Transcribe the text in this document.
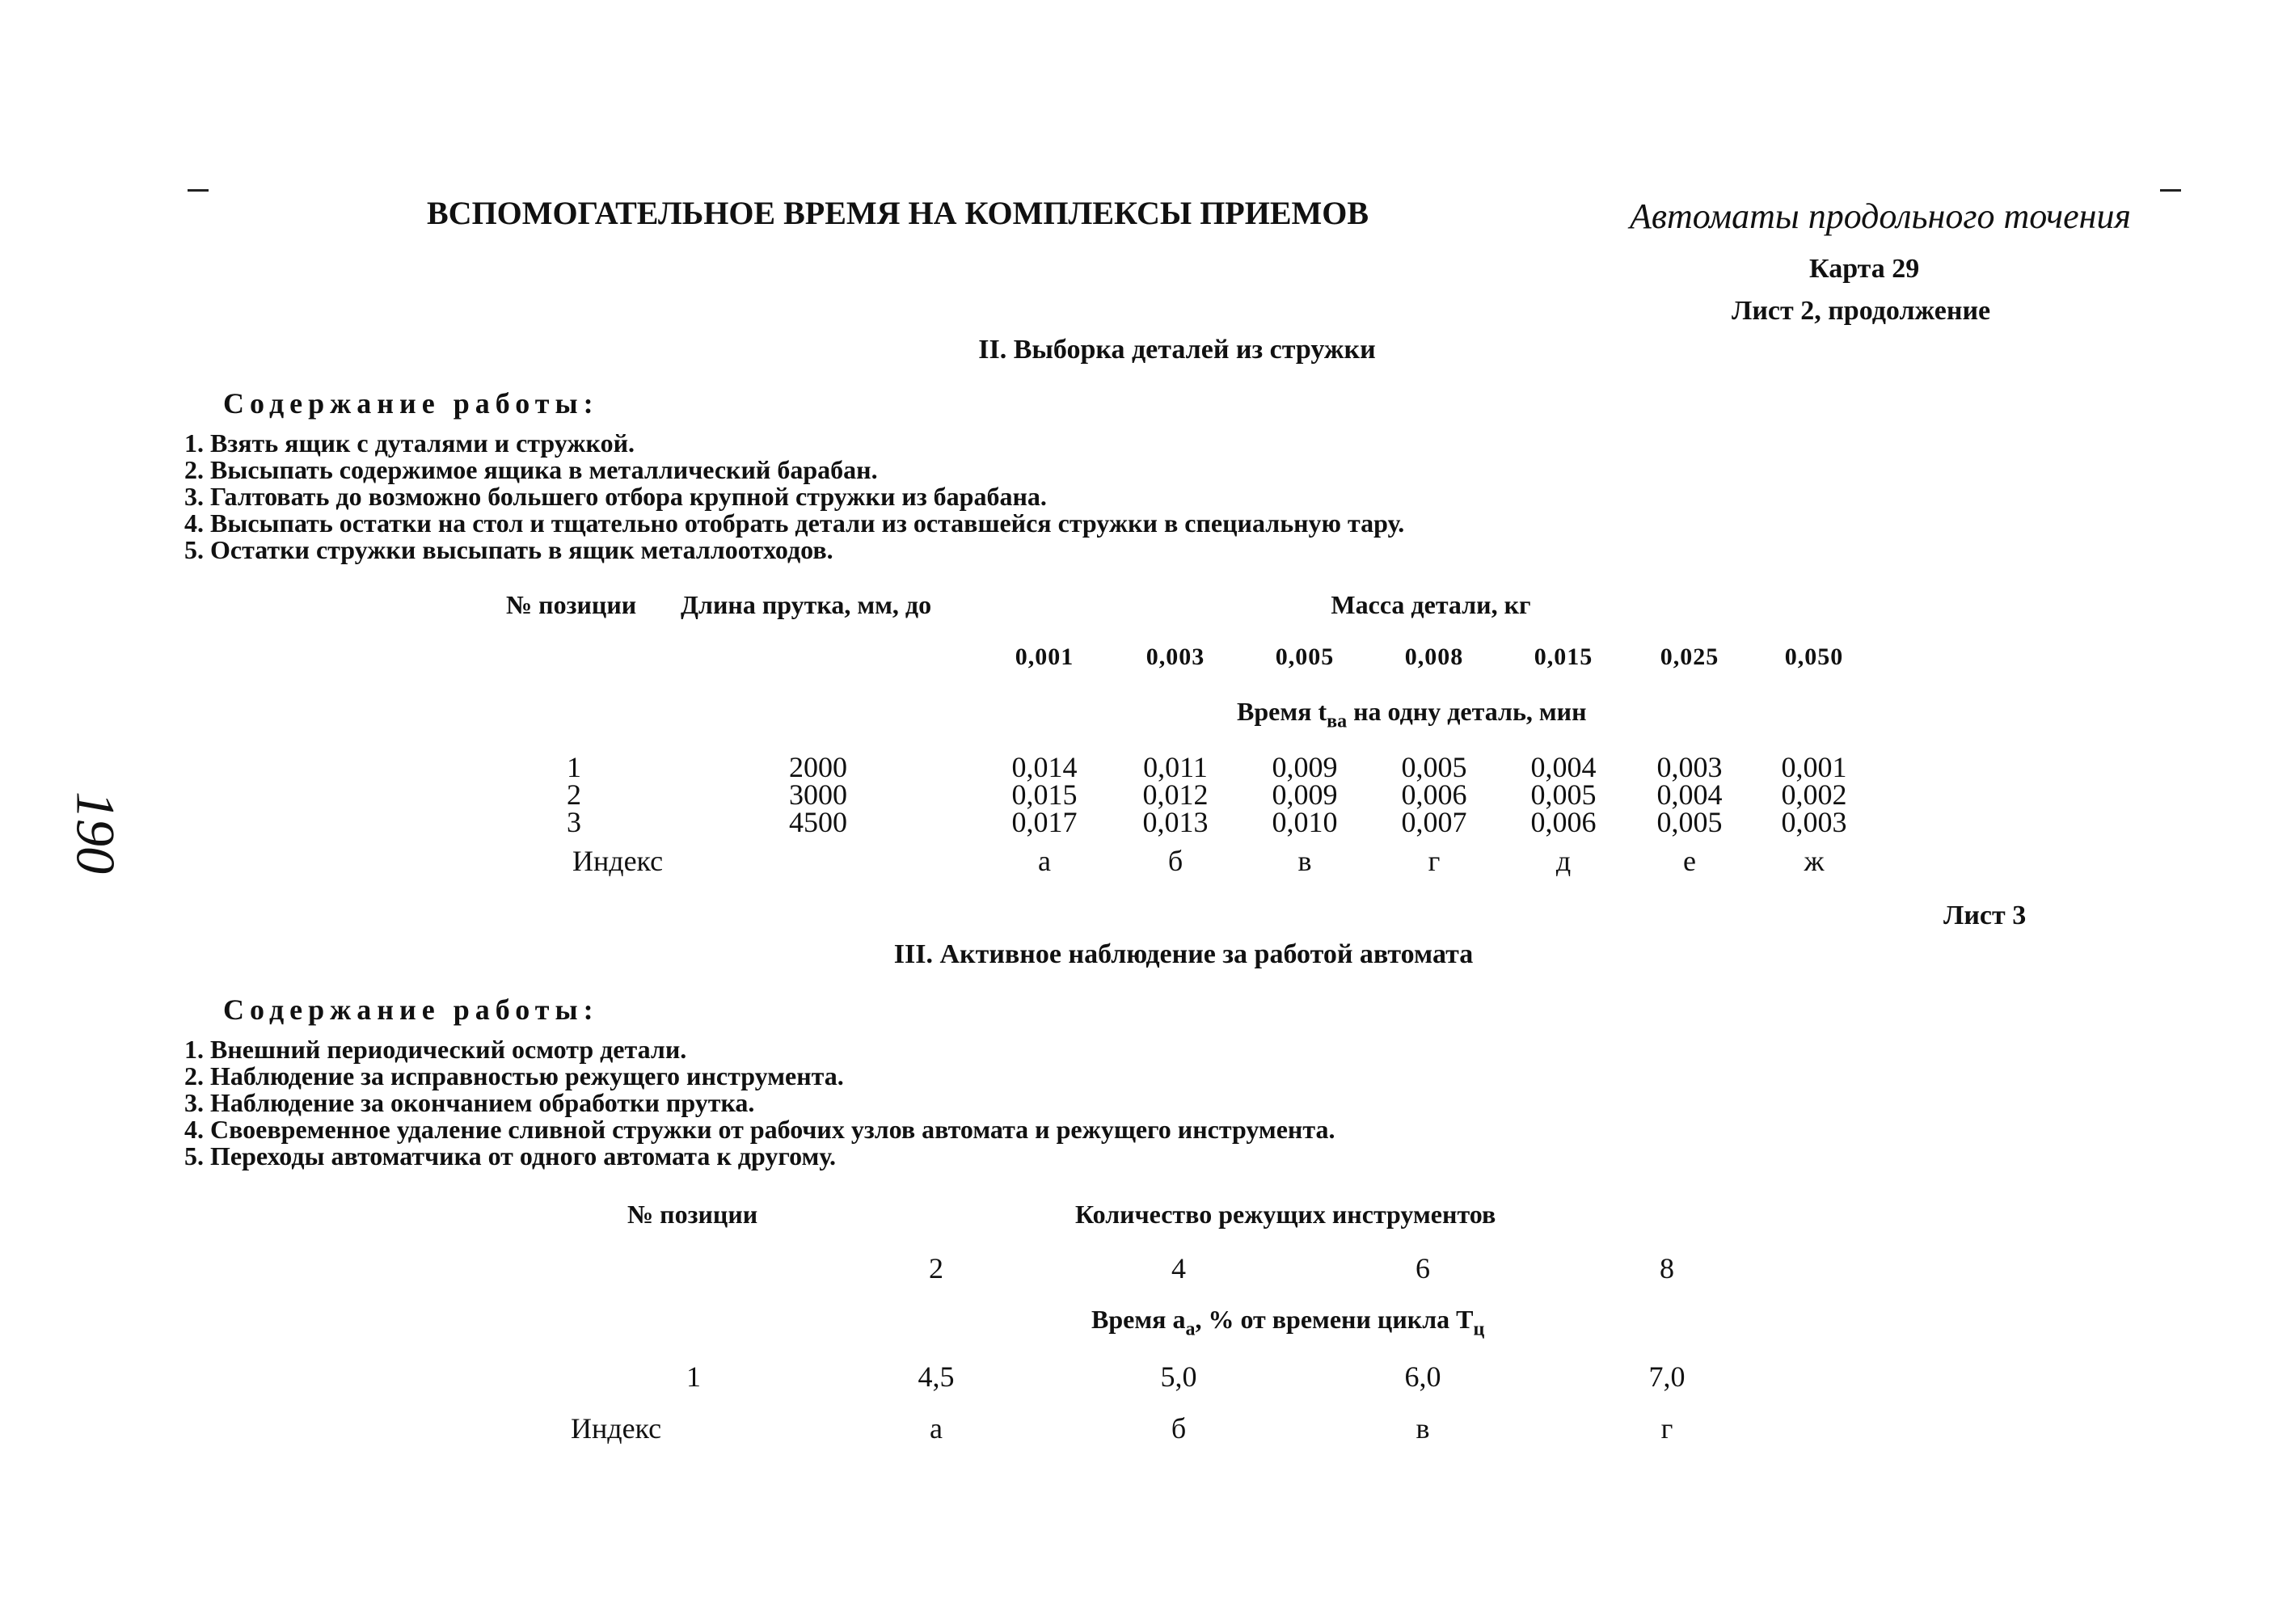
ВСПОМОГАТЕЛЬНОЕ ВРЕМЯ НА КОМПЛЕКСЫ ПРИЕМОВ	Автоматы продольного точения
Карта 29
Лист 2, продолжение
190
II. Выборка деталей из стружки
Содержание работы:
1. Взять ящик с дуталями и стружкой.
2. Высыпать содержимое ящика в металлический барабан.
3. Галтовать до возможно большего отбора крупной стружки из барабана.
4. Высыпать остатки на стол и тщательно отобрать детали из оставшейся стружки в специальную тару.
5. Остатки стружки высыпать в ящик металлоотходов.
№ позиции Длина прутка, мм, до	Масса детали, кг
0,001	0,003	0,005	0,008	0,015	0,025	0,050
Время $t_{ва}$ на одну деталь, мин
1	2000	0,014 0,011 0,009 0,005 0,004 0,003 0,001
2	3000	0,015 0,012 0,009 0,006 0,005 0,004 0,002
3	4500	0,017 0,013 0,010 0,007 0,006 0,005 0,003
Индекс	а	б	в	г	д	е	ж
Лист 3
III. Активное наблюдение за работой автомата
Содержание работы:
1. Внешний периодический осмотр детали.
2. Наблюдение за исправностью режущего инструмента.
3. Наблюдение за окончанием обработки прутка.
4. Своевременное удаление сливной стружки от рабочих узлов автомата и режущего инструмента.
5. Переходы автоматчика от одного автомата к другому.
№ позиции	Количество режущих инструментов
2	4	6	8
Время $а_а$, % от времени цикла $Т_ц$
1	4,5	5,0	6,0	7,0
Индекс	а	б	в	г
